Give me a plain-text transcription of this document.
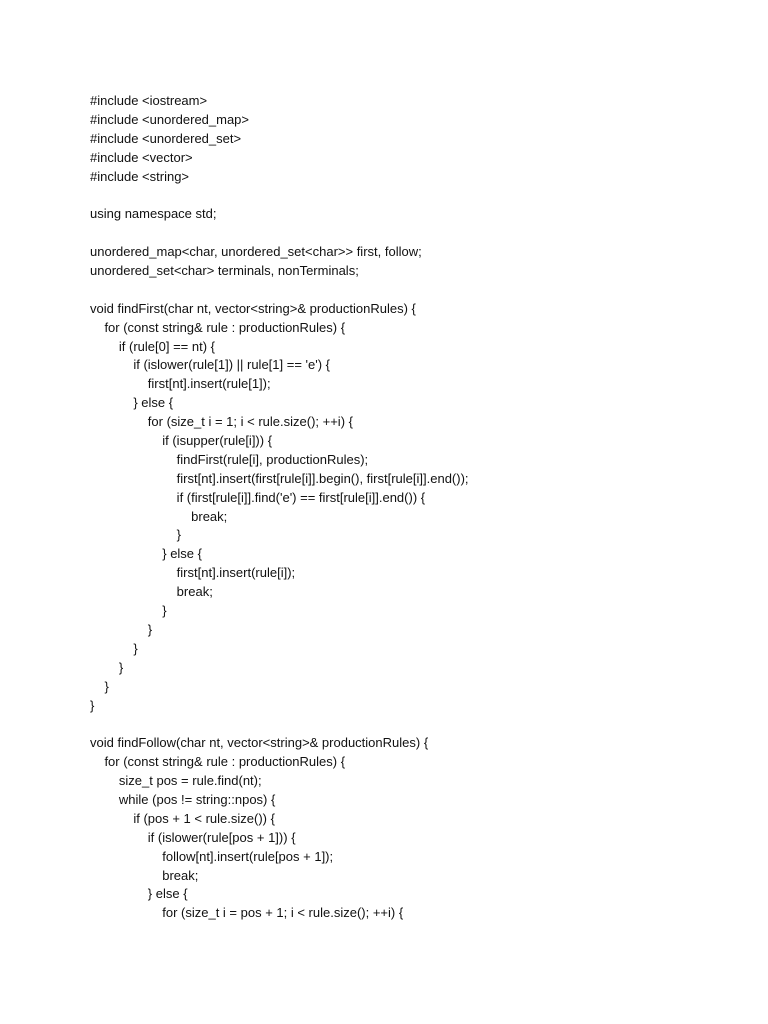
#include <iostream>
#include <unordered_map>
#include <unordered_set>
#include <vector>
#include <string>
using namespace std;
unordered_map<char, unordered_set<char>> first, follow;
unordered_set<char> terminals, nonTerminals;
void findFirst(char nt, vector<string>& productionRules) {
for (const string& rule : productionRules) {
if (rule[0] == nt) {
if (islower(rule[1]) || rule[1] == 'e') {
first[nt].insert(rule[1]);
} else {
for (size_t i = 1; i < rule.size(); ++i) {
if (isupper(rule[i])) {
findFirst(rule[i], productionRules);
first[nt].insert(first[rule[i]].begin(), first[rule[i]].end());
if (first[rule[i]].find('e') == first[rule[i]].end()) {
break;
}
} else {
first[nt].insert(rule[i]);
break;
}
}
}
}
}
}
void findFollow(char nt, vector<string>& productionRules) {
for (const string& rule : productionRules) {
size_t pos = rule.find(nt);
while (pos != string::npos) {
if (pos + 1 < rule.size()) {
if (islower(rule[pos + 1])) {
follow[nt].insert(rule[pos + 1]);
break;
} else {
for (size_t i = pos + 1; i < rule.size(); ++i) {
